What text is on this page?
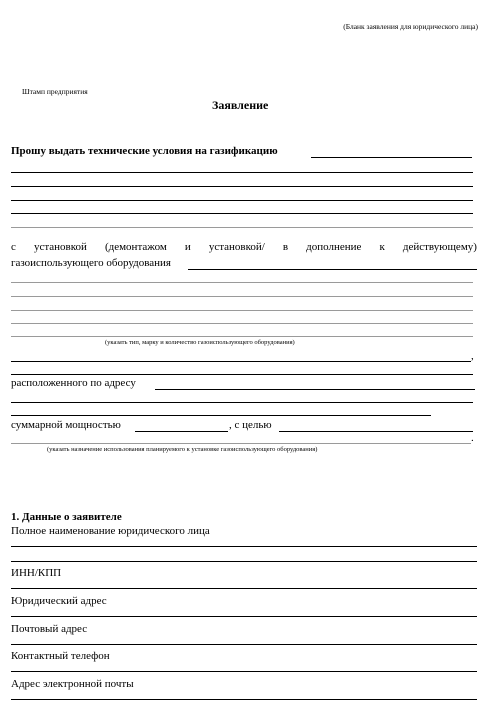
(Бланк заявления для юридического лица)
Штамп предприятия
Заявление
Прошу выдать технические условия на газификацию
с установкой (демонтажом и установкой/ в дополнение к действующему)
газоиспользующего оборудования
(указать тип, марку и количество газоиспользующего оборудования)
,
расположенного по адресу
суммарной мощностью	, с целью
.
(указать назначение использования планируемого к установке газоиспользующего оборудования)
1. Данные о заявителе
Полное наименование юридического лица
ИНН/КПП
Юридический адрес
Почтовый адрес
Контактный телефон
Адрес электронной почты
